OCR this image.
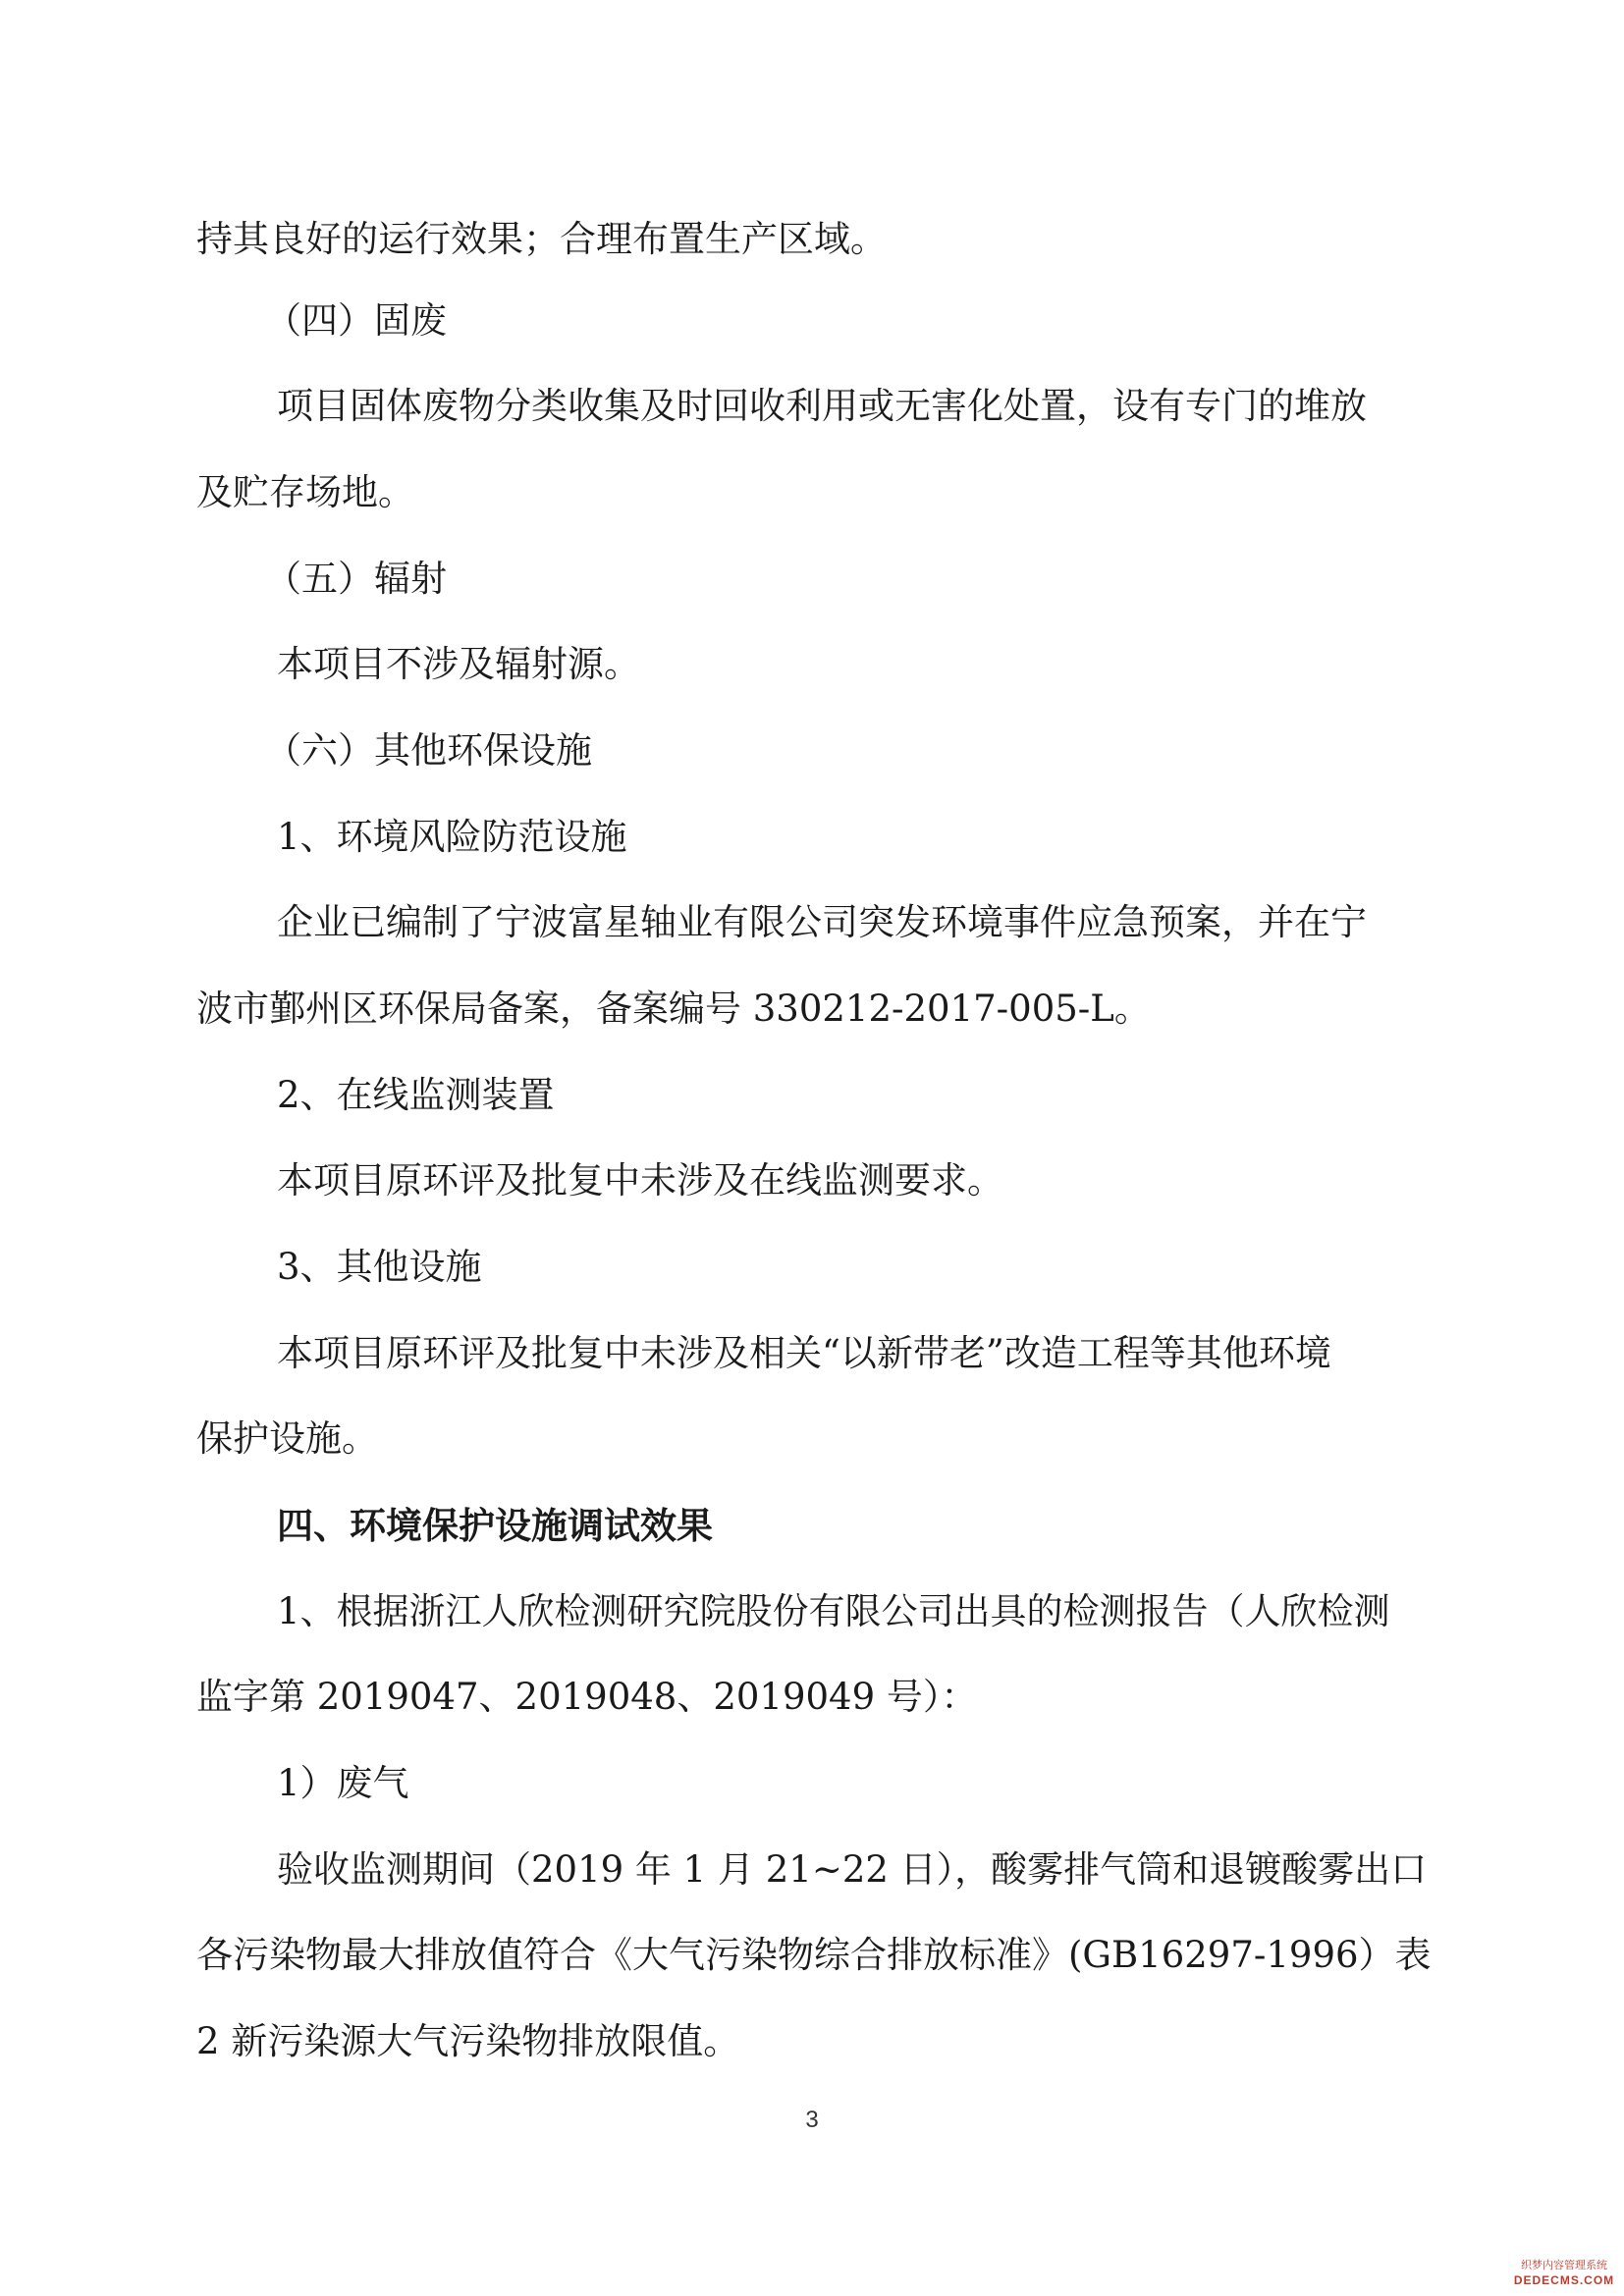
持其良好的运行效果；合理布置生产区域。
（四）固废
项目固体废物分类收集及时回收利用或无害化处置，设有专门的堆放
及贮存场地。
（五）辐射
本项目不涉及辐射源。
（六）其他环保设施
1、环境风险防范设施
企业已编制了宁波富星轴业有限公司突发环境事件应急预案，并在宁
波市鄞州区环保局备案，备案编号 330212-2017-005-L。
2、在线监测装置
本项目原环评及批复中未涉及在线监测要求。
3、其他设施
本项目原环评及批复中未涉及相关“以新带老”改造工程等其他环境
保护设施。
四、环境保护设施调试效果
1、根据浙江人欣检测研究院股份有限公司出具的检测报告（人欣检测
监字第 2019047、2019048、2019049 号）：
1）废气
验收监测期间（2019 年 1 月 21~22 日），酸雾排气筒和退镀酸雾出口
各污染物最大排放值符合《大气污染物综合排放标准》(GB16297-1996）表
2 新污染源大气污染物排放限值。
3
织梦内容管理系统
DEDECMS.COM
